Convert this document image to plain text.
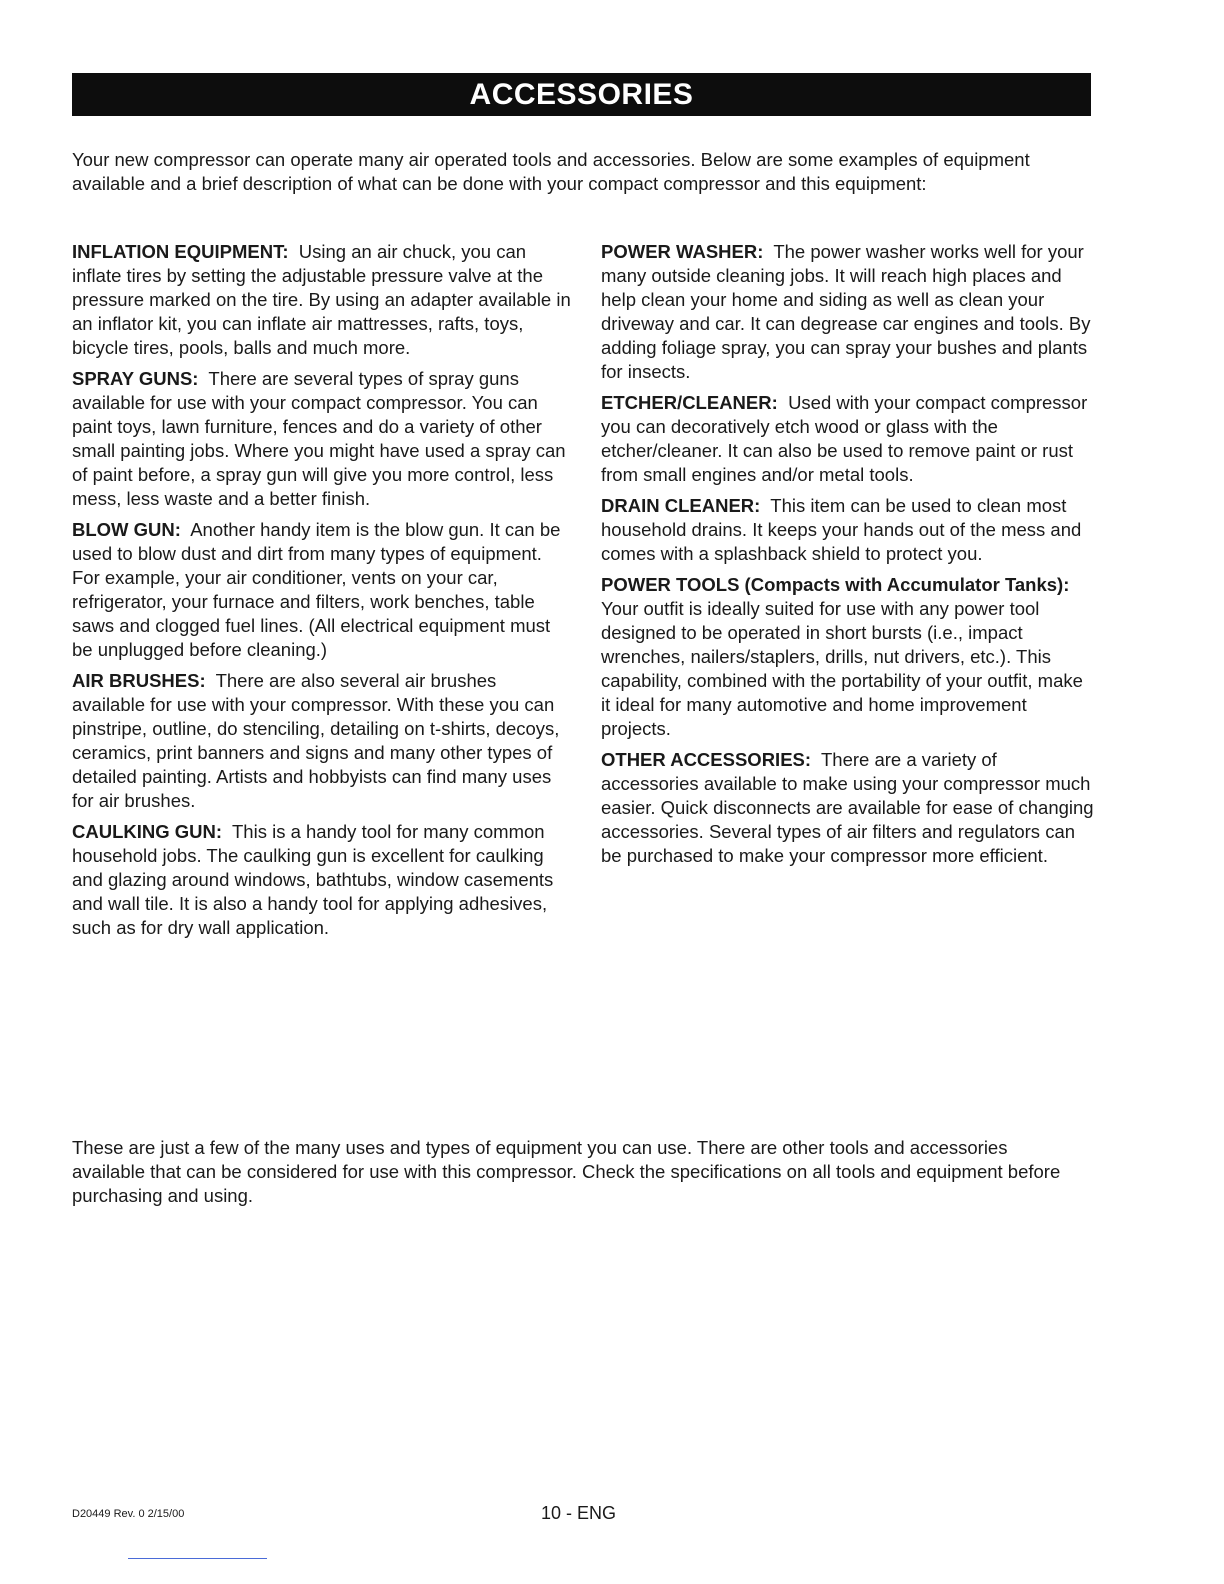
ACCESSORIES

Your new compressor can operate many air operated tools and accessories. Below are some examples of equipment available and a brief description of what can be done with your compact compressor and this equipment:

INFLATION EQUIPMENT: Using an air chuck, you can inflate tires by setting the adjustable pressure valve at the pressure marked on the tire. By using an adapter available in an inflator kit, you can inflate air mattresses, rafts, toys, bicycle tires, pools, balls and much more.

SPRAY GUNS: There are several types of spray guns available for use with your compact compressor. You can paint toys, lawn furniture, fences and do a variety of other small painting jobs. Where you might have used a spray can of paint before, a spray gun will give you more control, less mess, less waste and a better finish.

BLOW GUN: Another handy item is the blow gun. It can be used to blow dust and dirt from many types of equipment. For example, your air conditioner, vents on your car, refrigerator, your furnace and filters, work benches, table saws and clogged fuel lines. (All electrical equipment must be unplugged before cleaning.)

AIR BRUSHES: There are also several air brushes available for use with your compressor. With these you can pinstripe, outline, do stenciling, detailing on t-shirts, decoys, ceramics, print banners and signs and many other types of detailed painting. Artists and hobbyists can find many uses for air brushes.

CAULKING GUN: This is a handy tool for many common household jobs. The caulking gun is excellent for caulking and glazing around windows, bathtubs, window casements and wall tile. It is also a handy tool for applying adhesives, such as for dry wall application.

POWER WASHER: The power washer works well for your many outside cleaning jobs. It will reach high places and help clean your home and siding as well as clean your driveway and car. It can degrease car engines and tools. By adding foliage spray, you can spray your bushes and plants for insects.

ETCHER/CLEANER: Used with your compact compressor you can decoratively etch wood or glass with the etcher/cleaner. It can also be used to remove paint or rust from small engines and/or metal tools.

DRAIN CLEANER: This item can be used to clean most household drains. It keeps your hands out of the mess and comes with a splashback shield to protect you.

POWER TOOLS (Compacts with Accumulator Tanks):  Your outfit is ideally suited for use with any power tool designed to be operated in short bursts (i.e., impact wrenches, nailers/staplers, drills, nut drivers, etc.). This capability, combined with the portability of your outfit, make it ideal for many automotive and home improvement projects.

OTHER ACCESSORIES: There are a variety of accessories available to make using your compressor much easier. Quick disconnects are available for ease of changing accessories. Several types of air filters and regulators can be purchased to make your compressor more efficient.

These are just a few of the many uses and types of equipment you can use. There are other tools and accessories available that can be considered for use with this compressor. Check the specifications on all tools and equipment before purchasing and using.

D20449 Rev. 0 2/15/00	10 - ENG
